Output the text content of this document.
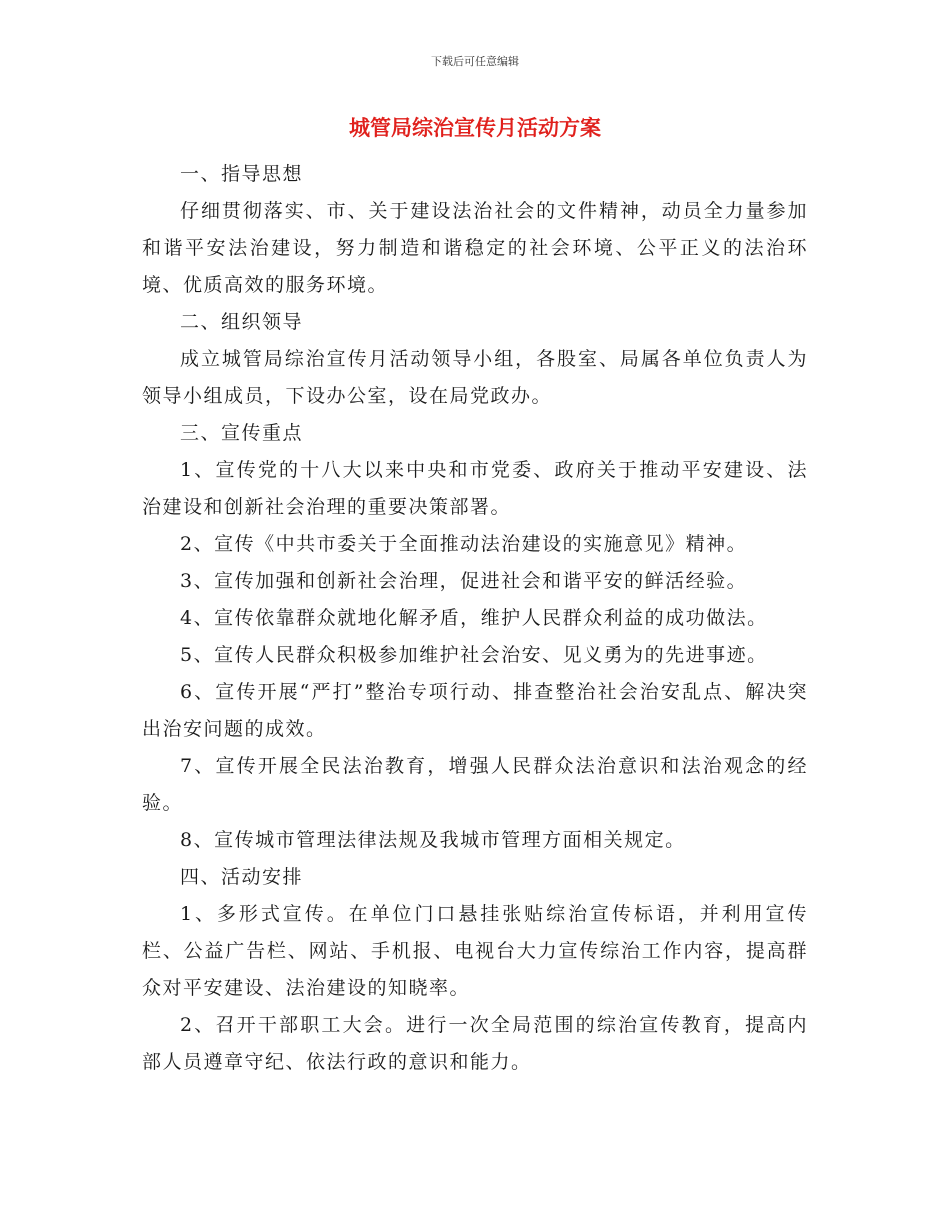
下载后可任意编辑
城管局综治宣传月活动方案

一、指导思想

仔细贯彻落实、市、关于建设法治社会的文件精神，动员全力量参加和谐平安法治建设，努力制造和谐稳定的社会环境、公平正义的法治环境、优质高效的服务环境。

二、组织领导

成立城管局综治宣传月活动领导小组，各股室、局属各单位负责人为领导小组成员，下设办公室，设在局党政办。

三、宣传重点

1、宣传党的十八大以来中央和市党委、政府关于推动平安建设、法治建设和创新社会治理的重要决策部署。

2、宣传《中共市委关于全面推动法治建设的实施意见》精神。

3、宣传加强和创新社会治理，促进社会和谐平安的鲜活经验。

4、宣传依靠群众就地化解矛盾，维护人民群众利益的成功做法。

5、宣传人民群众积极参加维护社会治安、见义勇为的先进事迹。

6、宣传开展“严打”整治专项行动、排查整治社会治安乱点、解决突出治安问题的成效。

7、宣传开展全民法治教育，增强人民群众法治意识和法治观念的经验。

8、宣传城市管理法律法规及我城市管理方面相关规定。

四、活动安排

1、多形式宣传。在单位门口悬挂张贴综治宣传标语，并利用宣传栏、公益广告栏、网站、手机报、电视台大力宣传综治工作内容，提高群众对平安建设、法治建设的知晓率。

2、召开干部职工大会。进行一次全局范围的综治宣传教育，提高内部人员遵章守纪、依法行政的意识和能力。
